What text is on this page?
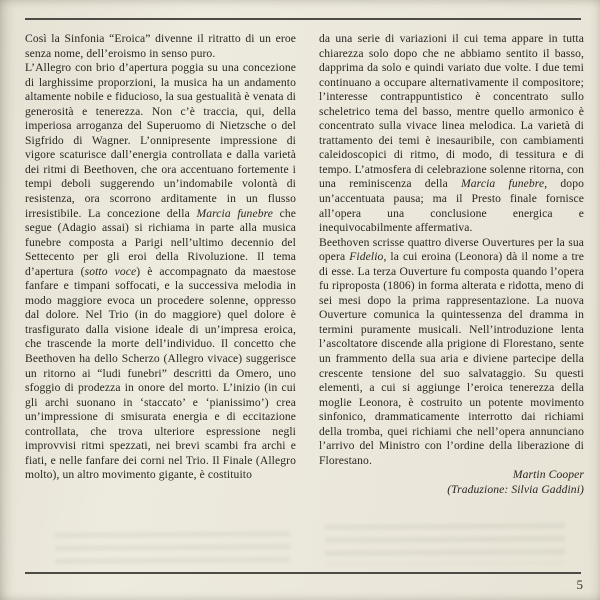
Così la Sinfonia “Eroica” divenne il ritratto di un eroe senza nome, dell’eroismo in senso puro.

L’Allegro con brio d’apertura poggia su una concezione di larghissime proporzioni, la musica ha un andamento altamente nobile e fiducioso, la sua gestualità è venata di generosità e tenerezza. Non c’è traccia, qui, della imperiosa arroganza del Superuomo di Nietzsche o del Sigfrido di Wagner. L’onnipresente impressione di vigore scaturisce dall’energia controllata e dalla varietà dei ritmi di Beethoven, che ora accentuano fortemente i tempi deboli suggerendo un’indomabile volontà di resistenza, ora scorrono arditamente in un flusso irresistibile. La concezione della Marcia funebre che segue (Adagio assai) si richiama in parte alla musica funebre composta a Parigi nell’ultimo decennio del Settecento per gli eroi della Rivoluzione. Il tema d’apertura (sotto voce) è accompagnato da maestose fanfare e timpani soffocati, e la successiva melodia in modo maggiore evoca un procedere solenne, oppresso dal dolore. Nel Trio (in do maggiore) quel dolore è trasfigurato dalla visione ideale di un’impresa eroica, che trascende la morte dell’individuo. Il concetto che Beethoven ha dello Scherzo (Allegro vivace) suggerisce un ritorno ai “ludi funebri” descritti da Omero, uno sfoggio di prodezza in onore del morto. L’inizio (in cui gli archi suonano in ‘staccato’ e ‘pianissimo’) crea un’impressione di smisurata energia e di eccitazione controllata, che trova ulteriore espressione negli improvvisi ritmi spezzati, nei brevi scambi fra archi e fiati, e nelle fanfare dei corni nel Trio. Il Finale (Allegro molto), un altro movimento gigante, è costituito

da una serie di variazioni il cui tema appare in tutta chiarezza solo dopo che ne abbiamo sentito il basso, dapprima da solo e quindi variato due volte. I due temi continuano a occupare alternativamente il compositore; l’interesse contrappuntistico è concentrato sullo scheletrico tema del basso, mentre quello armonico è concentrato sulla vivace linea melodica. La varietà di trattamento dei temi è inesauribile, con cambiamenti caleidoscopici di ritmo, di modo, di tessitura e di tempo. L’atmosfera di celebrazione solenne ritorna, con una reminiscenza della Marcia funebre, dopo un’accentuata pausa; ma il Presto finale fornisce all’opera una conclusione energica e inequivocabilmente affermativa.

Beethoven scrisse quattro diverse Ouvertures per la sua opera Fidelio, la cui eroina (Leonora) dà il nome a tre di esse. La terza Ouverture fu composta quando l’opera fu riproposta (1806) in forma alterata e ridotta, meno di sei mesi dopo la prima rappresentazione. La nuova Ouverture comunica la quintessenza del dramma in termini puramente musicali. Nell’introduzione lenta l’ascoltatore discende alla prigione di Florestano, sente un frammento della sua aria e diviene partecipe della crescente tensione del suo salvataggio. Su questi elementi, a cui si aggiunge l’eroica tenerezza della moglie Leonora, è costruito un potente movimento sinfonico, drammaticamente interrotto dai richiami della tromba, quei richiami che nell’opera annunciano l’arrivo del Ministro con l’ordine della liberazione di Florestano.

Martin Cooper

(Traduzione: Silvia Gaddini)

5
